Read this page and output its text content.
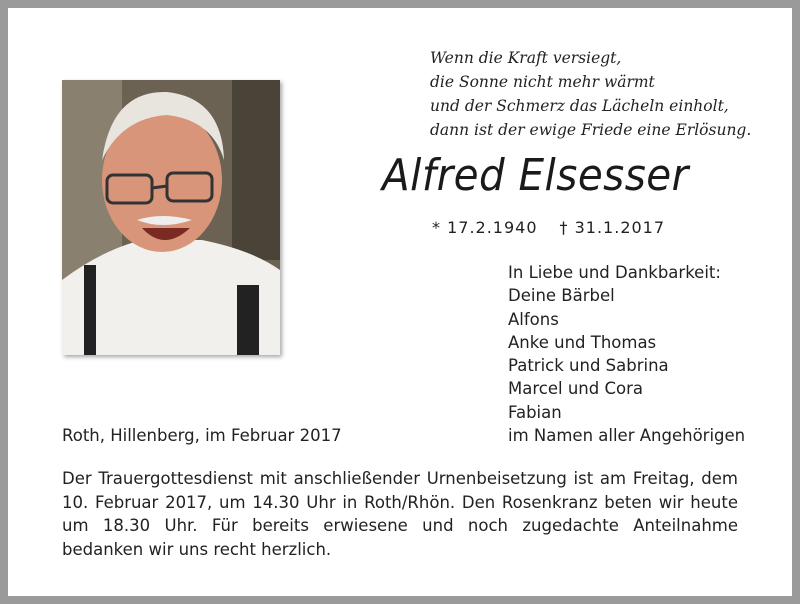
Wenn die Kraft versiegt,
die Sonne nicht mehr wärmt
und der Schmerz das Lächeln einholt,
dann ist der ewige Friede eine Erlösung.
Alfred Elsesser
* 17.2.1940 † 31.1.2017
In Liebe und Dankbarkeit:
Deine Bärbel
Alfons
Anke und Thomas
Patrick und Sabrina
Marcel und Cora
Fabian
im Namen aller Angehörigen
Roth, Hillenberg, im Februar 2017
Der Trauergottesdienst mit anschließender Urnenbeisetzung ist am Freitag, dem 10. Februar 2017, um 14.30 Uhr in Roth/Rhön. Den Rosenkranz beten wir heute um 18.30 Uhr. Für bereits erwiesene und noch zugedachte Anteilnahme bedanken wir uns recht herzlich.
